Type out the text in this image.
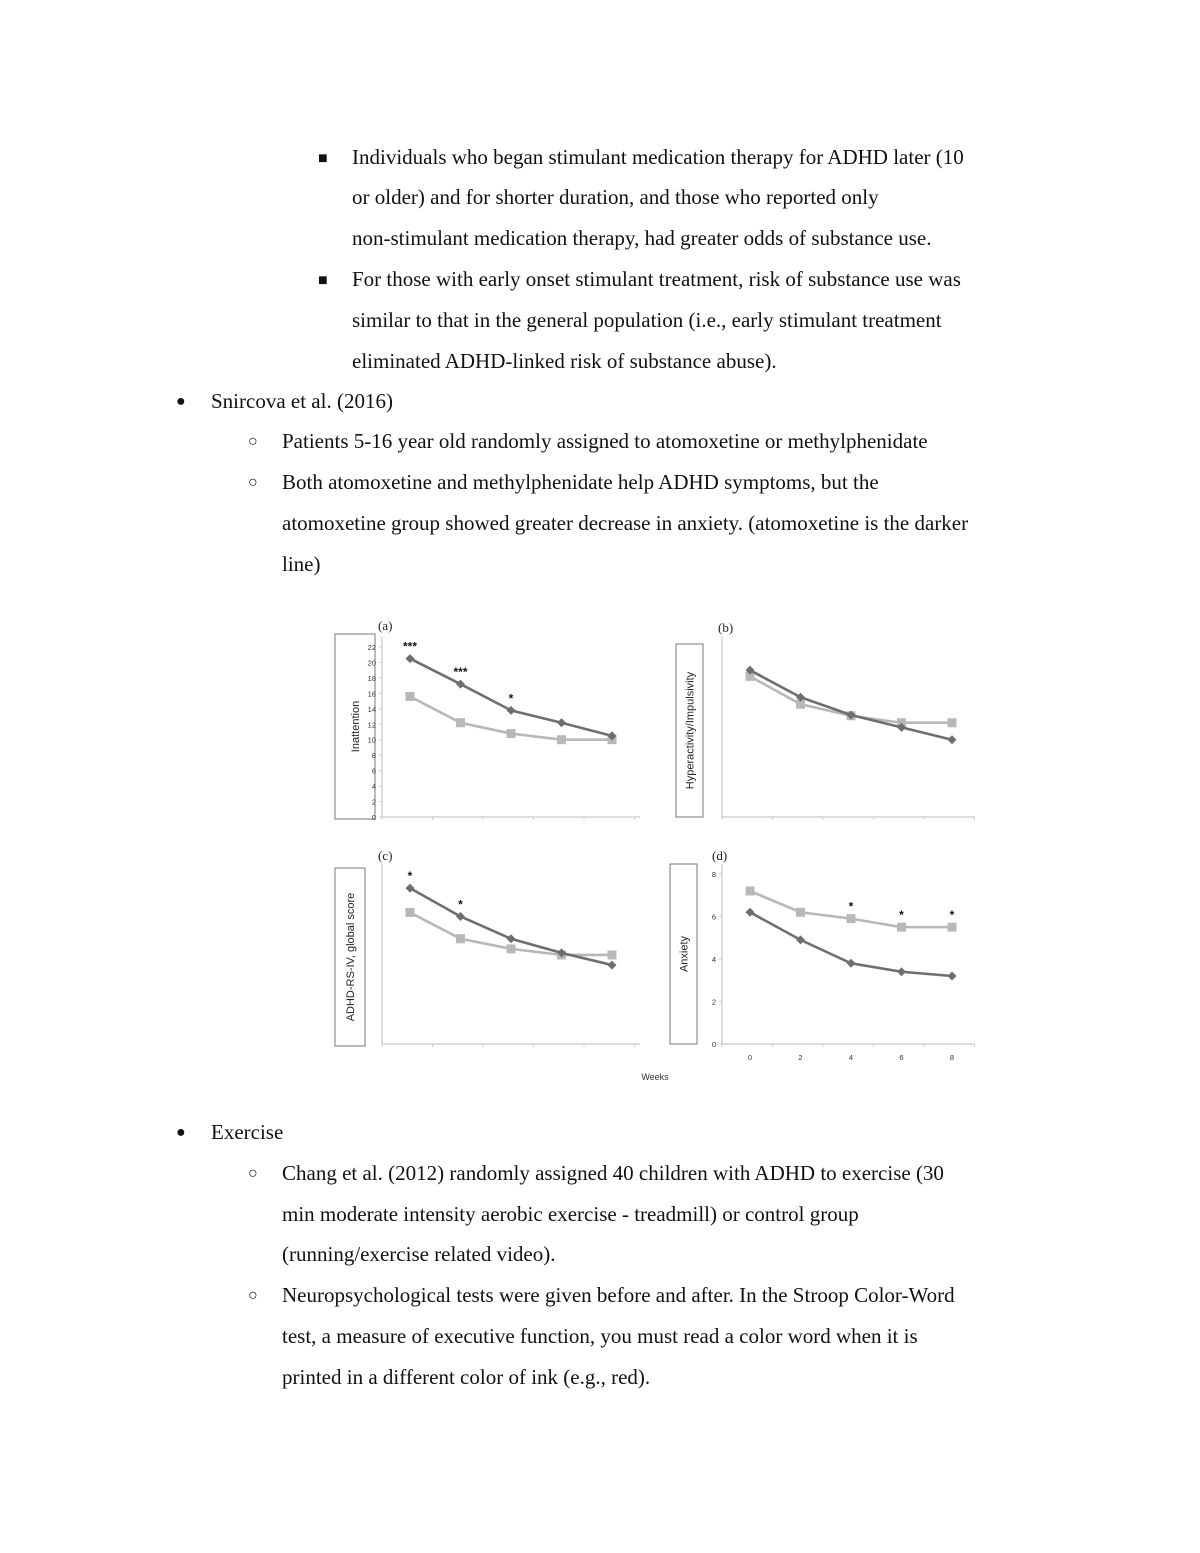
■ Individuals who began stimulant medication therapy for ADHD later (10
or older) and for shorter duration, and those who reported only
non-stimulant medication therapy, had greater odds of substance use.
■ For those with early onset stimulant treatment, risk of substance use was
similar to that in the general population (i.e., early stimulant treatment
eliminated ADHD-linked risk of substance abuse).
● Snircova et al. (2016)
○ Patients 5-16 year old randomly assigned to atomoxetine or methylphenidate
○ Both atomoxetine and methylphenidate help ADHD symptoms, but the
atomoxetine group showed greater decrease in anxiety. (atomoxetine is the darker
line)
(a)
Inattention
0
2
4
6
8
10
12
14
16
18
20
22 ***
***
*
(b)
Hyperactivity/Impulsivity
(c)
ADHD-RS-IV, global score
*
*
(d)
Anxiety
0
2
4
6
8
0	2	4	6	8
Weeks
*
*	*
● Exercise
○ Chang et al. (2012) randomly assigned 40 children with ADHD to exercise (30
min moderate intensity aerobic exercise - treadmill) or control group
(running/exercise related video).
○ Neuropsychological tests were given before and after. In the Stroop Color-Word
test, a measure of executive function, you must read a color word when it is
printed in a different color of ink (e.g., red).
